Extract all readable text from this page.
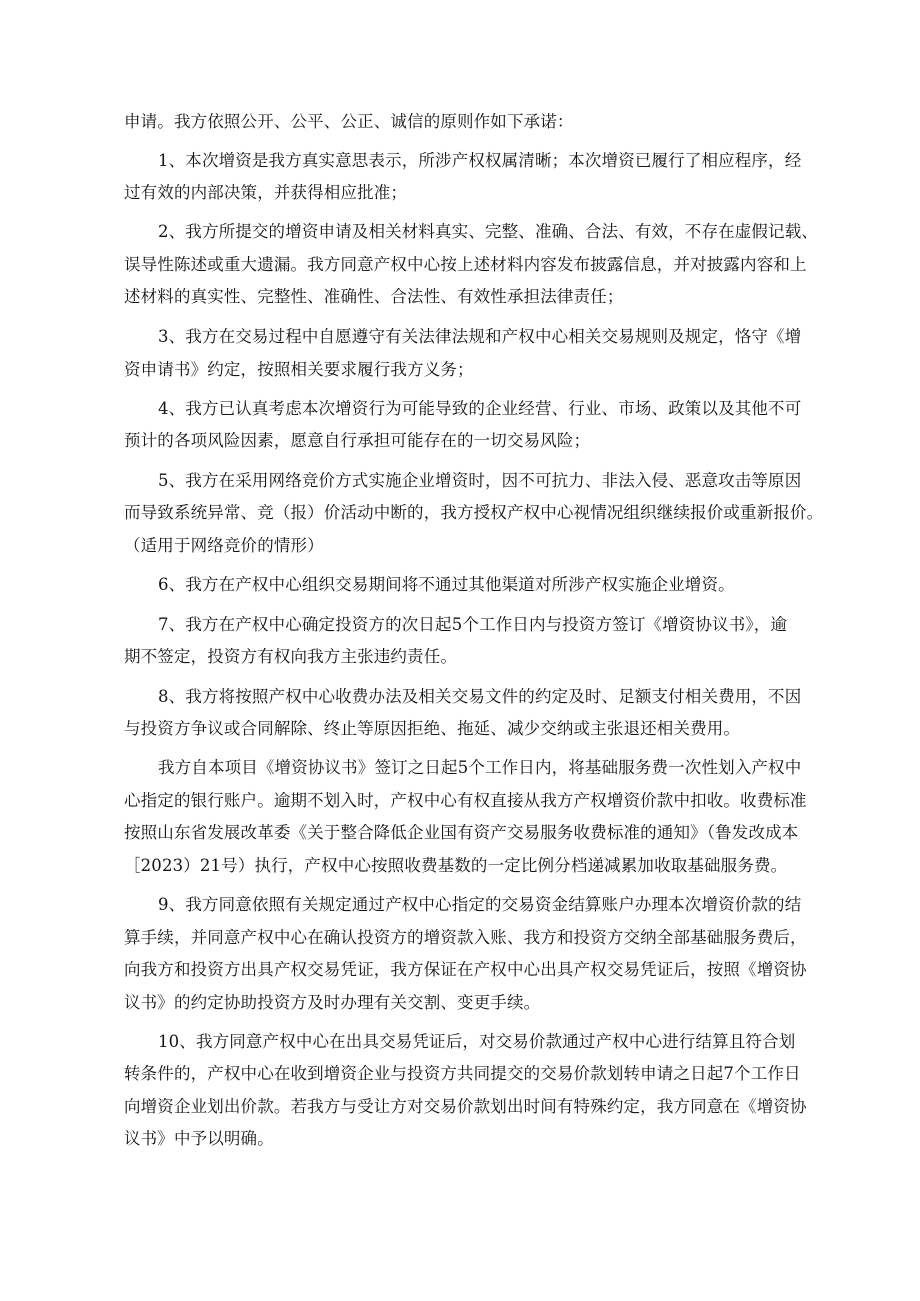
申请。我方依照公开、公平、公正、诚信的原则作如下承诺：
1、本次增资是我方真实意思表示，所涉产权权属清晰；本次增资已履行了相应程序，经
过有效的内部决策，并获得相应批准；
2、我方所提交的增资申请及相关材料真实、完整、准确、合法、有效，不存在虚假记载、
误导性陈述或重大遗漏。我方同意产权中心按上述材料内容发布披露信息，并对披露内容和上
述材料的真实性、完整性、准确性、合法性、有效性承担法律责任；
3、我方在交易过程中自愿遵守有关法律法规和产权中心相关交易规则及规定，恪守《增
资申请书》约定，按照相关要求履行我方义务；
4、我方已认真考虑本次增资行为可能导致的企业经营、行业、市场、政策以及其他不可
预计的各项风险因素，愿意自行承担可能存在的一切交易风险；
5、我方在采用网络竞价方式实施企业增资时，因不可抗力、非法入侵、恶意攻击等原因
而导致系统异常、竞（报）价活动中断的，我方授权产权中心视情况组织继续报价或重新报价。
（适用于网络竞价的情形）
6、我方在产权中心组织交易期间将不通过其他渠道对所涉产权实施企业增资。
7、我方在产权中心确定投资方的次日起5个工作日内与投资方签订《增资协议书》，逾
期不签定，投资方有权向我方主张违约责任。
8、我方将按照产权中心收费办法及相关交易文件的约定及时、足额支付相关费用，不因
与投资方争议或合同解除、终止等原因拒绝、拖延、减少交纳或主张退还相关费用。
我方自本项目《增资协议书》签订之日起5个工作日内，将基础服务费一次性划入产权中
心指定的银行账户。逾期不划入时，产权中心有权直接从我方产权增资价款中扣收。收费标准
按照山东省发展改革委《关于整合降低企业国有资产交易服务收费标准的通知》（鲁发改成本
［2023）21号）执行，产权中心按照收费基数的一定比例分档递减累加收取基础服务费。
9、我方同意依照有关规定通过产权中心指定的交易资金结算账户办理本次增资价款的结
算手续，并同意产权中心在确认投资方的增资款入账、我方和投资方交纳全部基础服务费后，
向我方和投资方出具产权交易凭证，我方保证在产权中心出具产权交易凭证后，按照《增资协
议书》的约定协助投资方及时办理有关交割、变更手续。
10、我方同意产权中心在出具交易凭证后，对交易价款通过产权中心进行结算且符合划
转条件的，产权中心在收到增资企业与投资方共同提交的交易价款划转申请之日起7个工作日
向增资企业划出价款。若我方与受让方对交易价款划出时间有特殊约定，我方同意在《增资协
议书》中予以明确。
